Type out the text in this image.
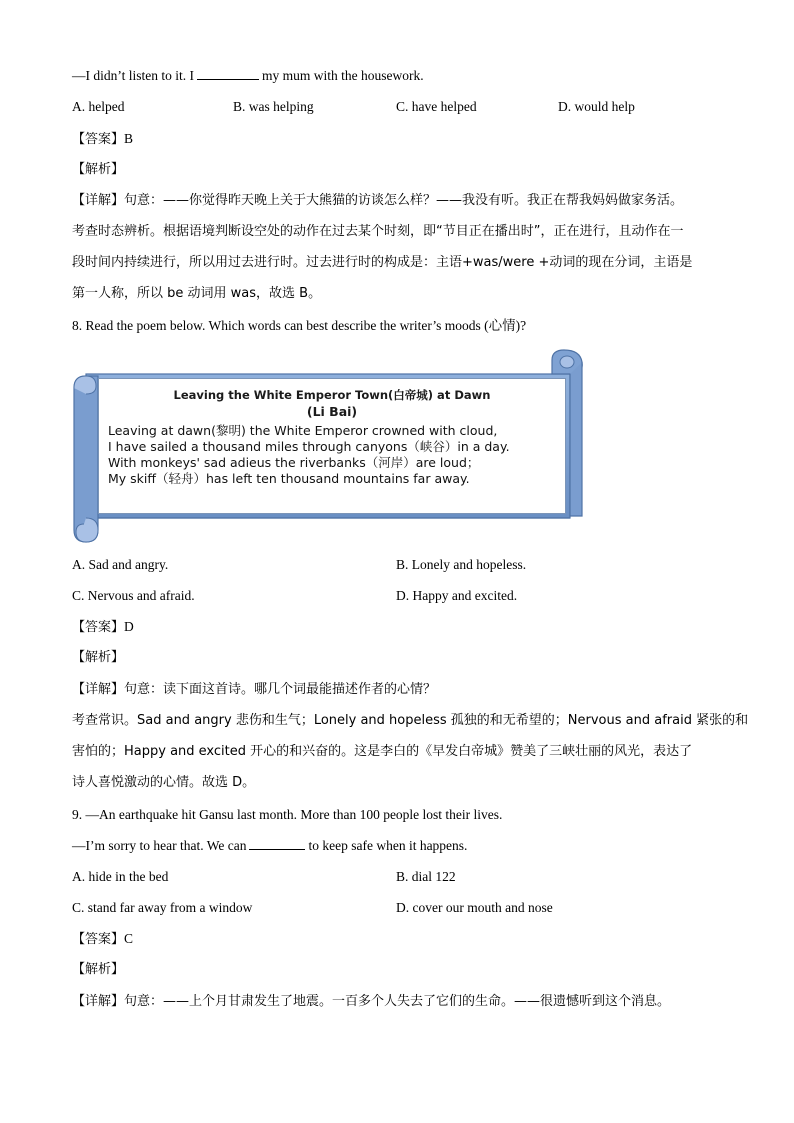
—I didn’t listen to it. I	my mum with the housework.
A. helped	B. was helping	C. have helped	D. would help
【答案】B
【解析】
【详解】句意：——你觉得昨天晚上关于大熊猫的访谈怎么样？——我没有听。我正在帮我妈妈做家务活。
考查时态辨析。根据语境判断设空处的动作在过去某个时刻，即“节目正在播出时”，正在进行，且动作在一
段时间内持续进行，所以用过去进行时。过去进行时的构成是：主语+was/were +动词的现在分词，主语是
第一人称，所以 be 动词用 was，故选 B。
8. Read the poem below. Which words can best describe the writer’s moods (心情)?
Leaving the White Emperor Town(白帝城) at Dawn
(Li Bai)
Leaving at dawn(黎明) the White Emperor crowned with cloud,
I have sailed a thousand miles through canyons（峡谷）in a day.
With monkeys' sad adieus the riverbanks（河岸）are loud；
My skiff（轻舟）has left ten thousand mountains far away.
A. Sad and angry.	B. Lonely and hopeless.
C. Nervous and afraid.	D. Happy and excited.
【答案】D
【解析】
【详解】句意：读下面这首诗。哪几个词最能描述作者的心情？
考查常识。Sad and angry 悲伤和生气；Lonely and hopeless 孤独的和无希望的；Nervous and afraid 紧张的和
害怕的；Happy and excited 开心的和兴奋的。这是李白的《早发白帝城》赞美了三峡壮丽的风光，表达了
诗人喜悦激动的心情。故选 D。
9. —An earthquake hit Gansu last month. More than 100 people lost their lives.
—I’m sorry to hear that. We can	to keep safe when it happens.
A. hide in the bed	B. dial 122
C. stand far away from a window	D. cover our mouth and nose
【答案】C
【解析】
【详解】句意：——上个月甘肃发生了地震。一百多个人失去了它们的生命。——很遗憾听到这个消息。
